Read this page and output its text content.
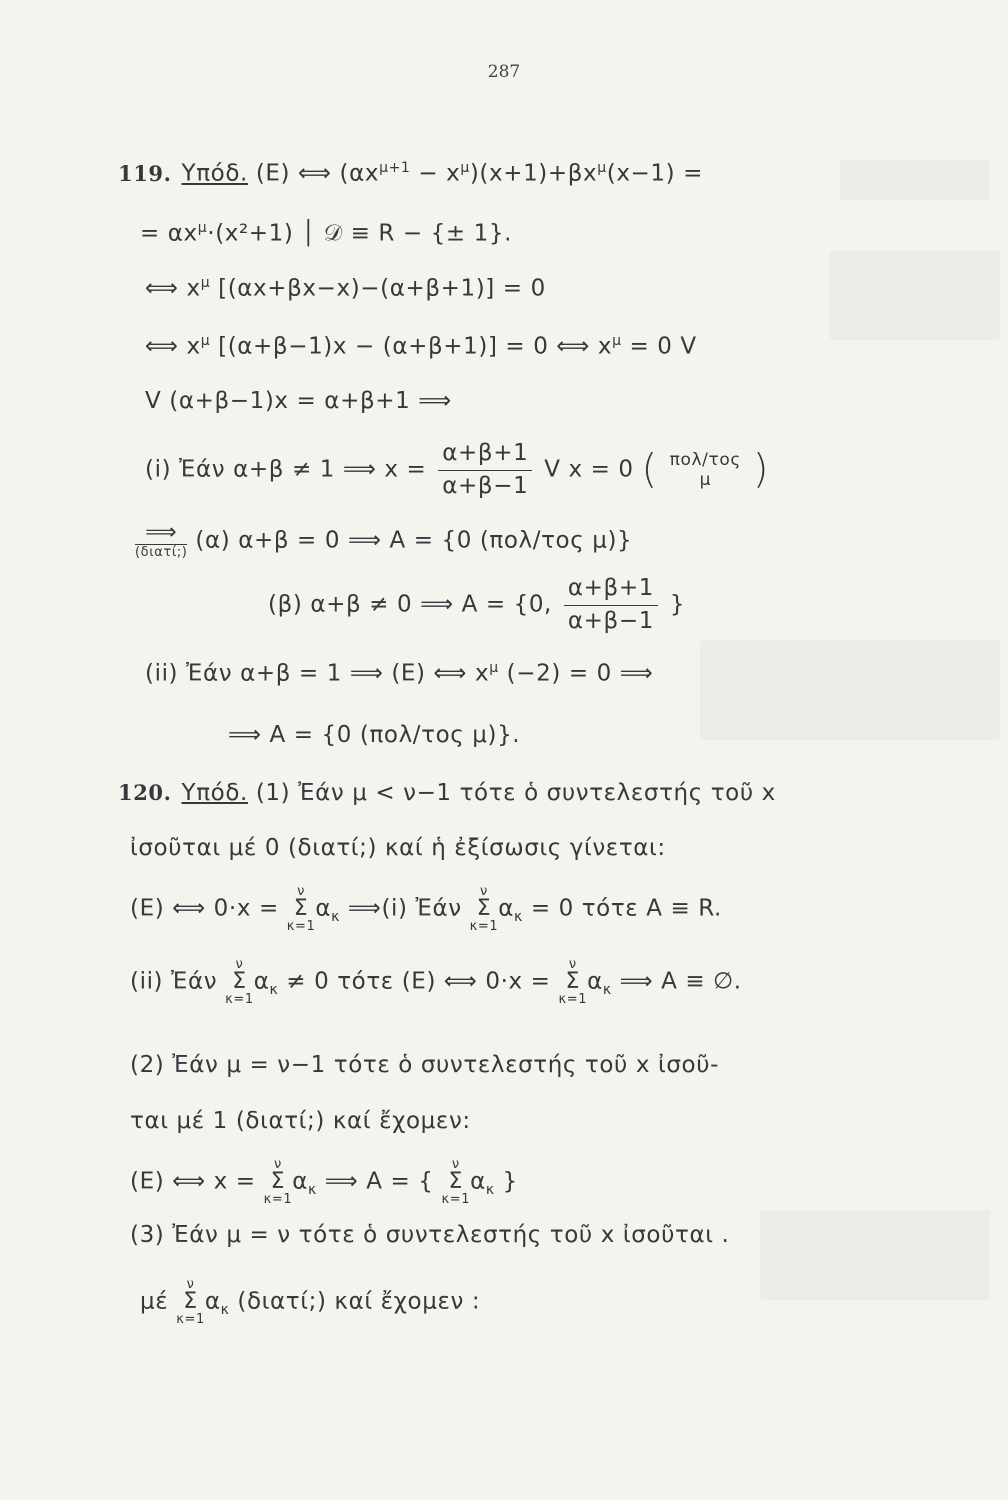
287
119. Υπόδ. (Ε) ⟺ $(\alpha x^{\mu+1} - x^\mu)(x+1)+\beta x^\mu(x-1)$ =
= $\alpha x^\mu\cdot(x^2+1)$ │ 𝒟 ≡ R − {± 1}.
⟺ $x^\mu$ [(αx+βx−x)−(α+β+1)] = 0
⟺ $x^\mu$ [(α+β−1)x − (α+β+1)] = 0 ⟺ $x^\mu = 0$ V
V (α+β−1)x = α+β+1 ⟹
(i) Ἐάν α+β ≠ 1 ⟹ $x = \frac{\alpha+\beta+1}{\alpha+\beta-1}$ V x = 0 ( πολ/τος
μ )
⟹
(διατί;) (α) α+β = 0 ⟹ A = {0 (πολ/τος μ)}
(β) α+β ≠ 0 ⟹ A = {0, $\frac{\alpha+\beta+1}{\alpha+\beta-1}$ }
(ii) Ἐάν α+β = 1 ⟹ (Ε) ⟺ $x^\mu$ (−2) = 0 ⟹
⟹ A = {0 (πολ/τος μ)}.
120. Υπόδ. (1) Ἐάν μ < ν−1 τότε ὁ συντελεστής τοῦ x
ἰσοῦται μέ 0 (διατί;) καί ἡ ἐξίσωσις γίνεται:
(Ε) ⟺ 0·x =
ν
Σ
κ=1
$\alpha_\kappa$ ⟹(i) Ἐάν
ν
Σ
κ=1
$\alpha_\kappa = 0$ τότε A ≡ R.
(ii) Ἐάν
ν
Σ
κ=1
$\alpha_\kappa \ne 0$ τότε (Ε) ⟺ 0·x =
ν
Σ
κ=1
$\alpha_\kappa$ ⟹ A ≡ ∅.
(2) Ἐάν μ = ν−1 τότε ὁ συντελεστής τοῦ x ἰσοῦ-
ται μέ 1 (διατί;) καί ἔχομεν:
(Ε) ⟺ x =
ν
Σ
κ=1
$\alpha_\kappa$ ⟹ A = {
ν
Σ
κ=1
$\alpha_\kappa$ }
(3) Ἐάν μ = ν τότε ὁ συντελεστής τοῦ x ἰσοῦται .
μέ
ν
Σ
κ=1
$\alpha_\kappa$ (διατί;) καί ἔχομεν :
